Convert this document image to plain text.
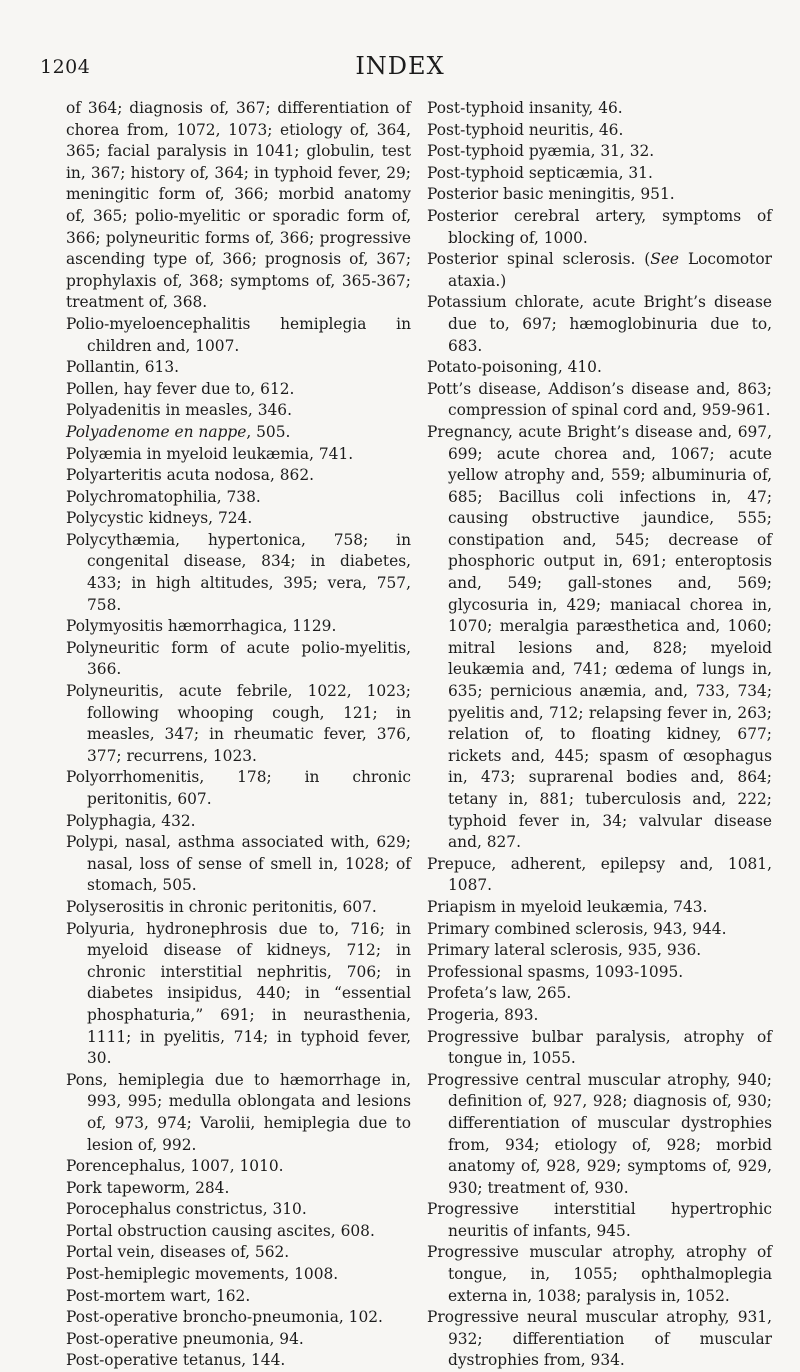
1204	INDEX

of 364; diagnosis of, 367; differentiation of chorea from, 1072, 1073; etiology of, 364, 365; facial paralysis in 1041; globulin, test in, 367; history of, 364; in typhoid fever, 29; meningitic form of, 366; morbid anatomy of, 365; polio-myelitic or sporadic form of, 366; polyneuritic forms of, 366; progressive ascending type of, 366; prognosis of, 367; prophylaxis of, 368; symptoms of, 365-367; treatment of, 368.

Polio-myeloencephalitis hemiplegia in children and, 1007.

Pollantin, 613.

Pollen, hay fever due to, 612.

Polyadenitis in measles, 346.

Polyadenome en nappe, 505.

Polyæmia in myeloid leukæmia, 741.

Polyarteritis acuta nodosa, 862.

Polychromatophilia, 738.

Polycystic kidneys, 724.

Polycythæmia, hypertonica, 758; in congenital disease, 834; in diabetes, 433; in high altitudes, 395; vera, 757, 758.

Polymyositis hæmorrhagica, 1129.

Polyneuritic form of acute polio-myelitis, 366.

Polyneuritis, acute febrile, 1022, 1023; following whooping cough, 121; in measles, 347; in rheumatic fever, 376, 377; recurrens, 1023.

Polyorrhomenitis, 178; in chronic peritonitis, 607.

Polyphagia, 432.

Polypi, nasal, asthma associated with, 629; nasal, loss of sense of smell in, 1028; of stomach, 505.

Polyserositis in chronic peritonitis, 607.

Polyuria, hydronephrosis due to, 716; in myeloid disease of kidneys, 712; in chronic interstitial nephritis, 706; in diabetes insipidus, 440; in “essential phosphaturia,” 691; in neurasthenia, 1111; in pyelitis, 714; in typhoid fever, 30.

Pons, hemiplegia due to hæmorrhage in, 993, 995; medulla oblongata and lesions of, 973, 974; Varolii, hemiplegia due to lesion of, 992.

Porencephalus, 1007, 1010.

Pork tapeworm, 284.

Porocephalus constrictus, 310.

Portal obstruction causing ascites, 608.

Portal vein, diseases of, 562.

Post-hemiplegic movements, 1008.

Post-mortem wart, 162.

Post-operative broncho-pneumonia, 102.

Post-operative pneumonia, 94.

Post-operative tetanus, 144.

Post-typhoid insanity, 46.

Post-typhoid neuritis, 46.

Post-typhoid pyæmia, 31, 32.

Post-typhoid septicæmia, 31.

Posterior basic meningitis, 951.

Posterior cerebral artery, symptoms of blocking of, 1000.

Posterior spinal sclerosis. (See Locomotor ataxia.)

Potassium chlorate, acute Bright’s disease due to, 697; hæmoglobinuria due to, 683.

Potato-poisoning, 410.

Pott’s disease, Addison’s disease and, 863; compression of spinal cord and, 959-961.

Pregnancy, acute Bright’s disease and, 697, 699; acute chorea and, 1067; acute yellow atrophy and, 559; albuminuria of, 685; Bacillus coli infections in, 47; causing obstructive jaundice, 555; constipation and, 545; decrease of phosphoric output in, 691; enteroptosis and, 549; gall-stones and, 569; glycosuria in, 429; maniacal chorea in, 1070; meralgia paræsthetica and, 1060; mitral lesions and, 828; myeloid leukæmia and, 741; œdema of lungs in, 635; pernicious anæmia, and, 733, 734; pyelitis and, 712; relapsing fever in, 263; relation of, to floating kidney, 677; rickets and, 445; spasm of œsophagus in, 473; suprarenal bodies and, 864; tetany in, 881; tuberculosis and, 222; typhoid fever in, 34; valvular disease and, 827.

Prepuce, adherent, epilepsy and, 1081, 1087.

Priapism in myeloid leukæmia, 743.

Primary combined sclerosis, 943, 944.

Primary lateral sclerosis, 935, 936.

Professional spasms, 1093-1095.

Profeta’s law, 265.

Progeria, 893.

Progressive bulbar paralysis, atrophy of tongue in, 1055.

Progressive central muscular atrophy, 940; definition of, 927, 928; diagnosis of, 930; differentiation of muscular dystrophies from, 934; etiology of, 928; morbid anatomy of, 928, 929; symptoms of, 929, 930; treatment of, 930.

Progressive interstitial hypertrophic neuritis of infants, 945.

Progressive muscular atrophy, atrophy of tongue, in, 1055; ophthalmoplegia externa in, 1038; paralysis in, 1052.

Progressive neural muscular atrophy, 931, 932; differentiation of muscular dystrophies from, 934.
